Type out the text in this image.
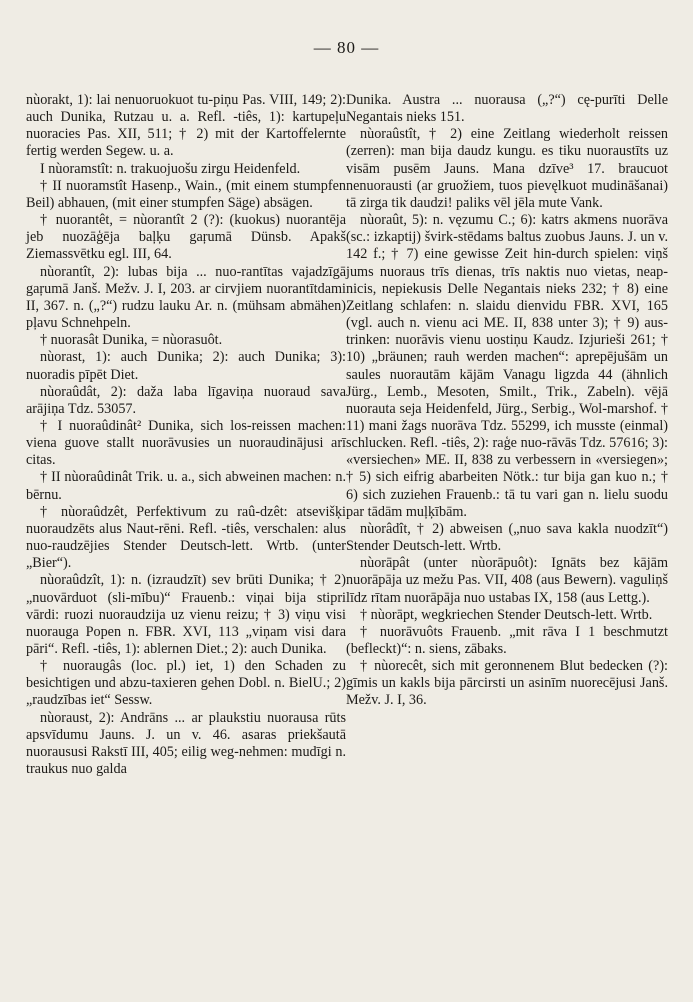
— 80 —

nùorakt, 1): lai nenuoruokuot tu-piņu Pas. VIII, 149; 2): auch Dunika, Rutzau u. a. Refl. -tiês, 1): kartupeļu nuoracies Pas. XII, 511; † 2) mit der Kartoffelernte fertig werden Segew. u. a.

I nùoramstît: n. trakuojuošu zirgu Heidenfeld.

† II nuoramstît Hasenp., Wain., (mit einem stumpfen Beil) abhauen, (mit einer stumpfen Säge) absägen.

† nuorantêt, = nùorantît 2 (?): (kuokus) nuorantēja jeb nuozāģēja baļķu gaŗumā Dünsb. Apakš Ziemassvētku egl. III, 64.

nùorantît, 2): lubas bija ... nuo-rantītas vajadzīgā gaŗumā Janš. Mežv. J. I, 203. ar cirvjiem nuorantītdami II, 367. n. („?“) rudzu lauku Ar. n. (mühsam abmähen) pļavu Schnehpeln.

† nuorasât Dunika, = nùorasuôt.

nùorast, 1): auch Dunika; 2): auch Dunika; 3): nuoradis pīpēt Diet.

nùoraûdât, 2): daža laba līgaviņa nuoraud sava arājiņa Tdz. 53057.

† I nuoraûdinât² Dunika, sich los-reissen machen: viena guove stallt nuorāvusies un nuoraudinājusi arī citas.

† II nùoraûdinât Trik. u. a., sich abweinen machen: n. bērnu.

† nùoraûdzêt, Perfektivum zu raû-dzêt: atsevišķi nuoraudzēts alus Naut-rēni. Refl. -tiês, verschalen: alus nuo-raudzējies Stender Deutsch-lett. Wrtb. (unter „Bier“).

nùoraûdzît, 1): n. (izraudzīt) sev brūti Dunika; † 2) „nuovārduot (sli-mību)“ Frauenb.: viņai bija stipri vārdi: ruozi nuoraudzija uz vienu reizu; † 3) viņu visi nuorauga Popen n. FBR. XVI, 113 „viņam visi dara pāri“. Refl. -tiês, 1): ablernen Diet.; 2): auch Dunika.

† nuoraugâs (loc. pl.) iet, 1) den Schaden zu besichtigen und abzu-taxieren gehen Dobl. n. BielU.; 2) „raudzības iet“ Sessw.

nùoraust, 2): Andrāns ... ar plaukstiu nuorausa rūts apsvīdumu Jauns. J. un v. 46. asaras priekšautā nuoraususi Rakstī III, 405; eilig weg-nehmen: mudīgi n. traukus nuo galda

Dunika. Austra ... nuorausa („?“) cę-purīti Delle Negantais nieks 151.

nùoraûstît, † 2) eine Zeitlang wiederholt reissen (zerren): man bija daudz kungu. es tiku nuoraustīts uz visām pusēm Jauns. Mana dzīve³ 17. braucuot nenuorausti (ar gruožiem, tuos pievęlkuot mudināšanai) tā zirga tik daudzi! paliks vēl jēla mute Vank.

nùoraût, 5): n. vęzumu C.; 6): katrs akmens nuorāva (sc.: izkaptij) švirk-stēdams baltus zuobus Jauns. J. un v. 142 f.; † 7) eine gewisse Zeit hin-durch spielen: viņš jums nuoraus trīs dienas, trīs naktis nuo vietas, neap-nicis, nepiekusis Delle Negantais nieks 232; † 8) eine Zeitlang schlafen: n. slaidu dienvidu FBR. XVI, 165 (vgl. auch n. vienu aci ME. II, 838 unter 3); † 9) aus-trinken: nuorāvis vienu uostiņu Kaudz. Izjurieši 261; † 10) „bräunen; rauh werden machen“: aprepējušām un saules nuorautām kājām Vanagu ligzda 44 (ähnlich Jürg., Lemb., Mesoten, Smilt., Trik., Zabeln). vējā nuorauta seja Heidenfeld, Jürg., Serbig., Wol-marshof. † 11) mani žags nuorāva Tdz. 55299, ich musste (einmal) schlucken. Refl. -tiês, 2): raģe nuo-rāvās Tdz. 57616; 3): «versiechen» ME. II, 838 zu verbessern in «versiegen»; † 5) sich eifrig abarbeiten Nötk.: tur bija gan kuo n.; † 6) sich zuziehen Frauenb.: tā tu vari gan n. lielu suodu par tādām muļķībām.

nùorâdît, † 2) abweisen („nuo sava kakla nuodzīt“) Stender Deutsch-lett. Wrtb.

nùorāpât (unter nùorāpuôt): Ignāts bez kājām nuorāpāja uz mežu Pas. VII, 408 (aus Bewern). vaguliņš līdz rītam nuorāpāja nuo ustabas IX, 158 (aus Lettg.).

† nùorāpt, wegkriechen Stender Deutsch-lett. Wrtb.

† nuorāvuôts Frauenb. „mit rāva I 1 beschmutzt (befleckt)“: n. siens, zābaks.

† nùorecêt, sich mit geronnenem Blut bedecken (?): gīmis un kakls bija pārcirsti un asinīm nuorecējusi Janš. Mežv. J. I, 36.
